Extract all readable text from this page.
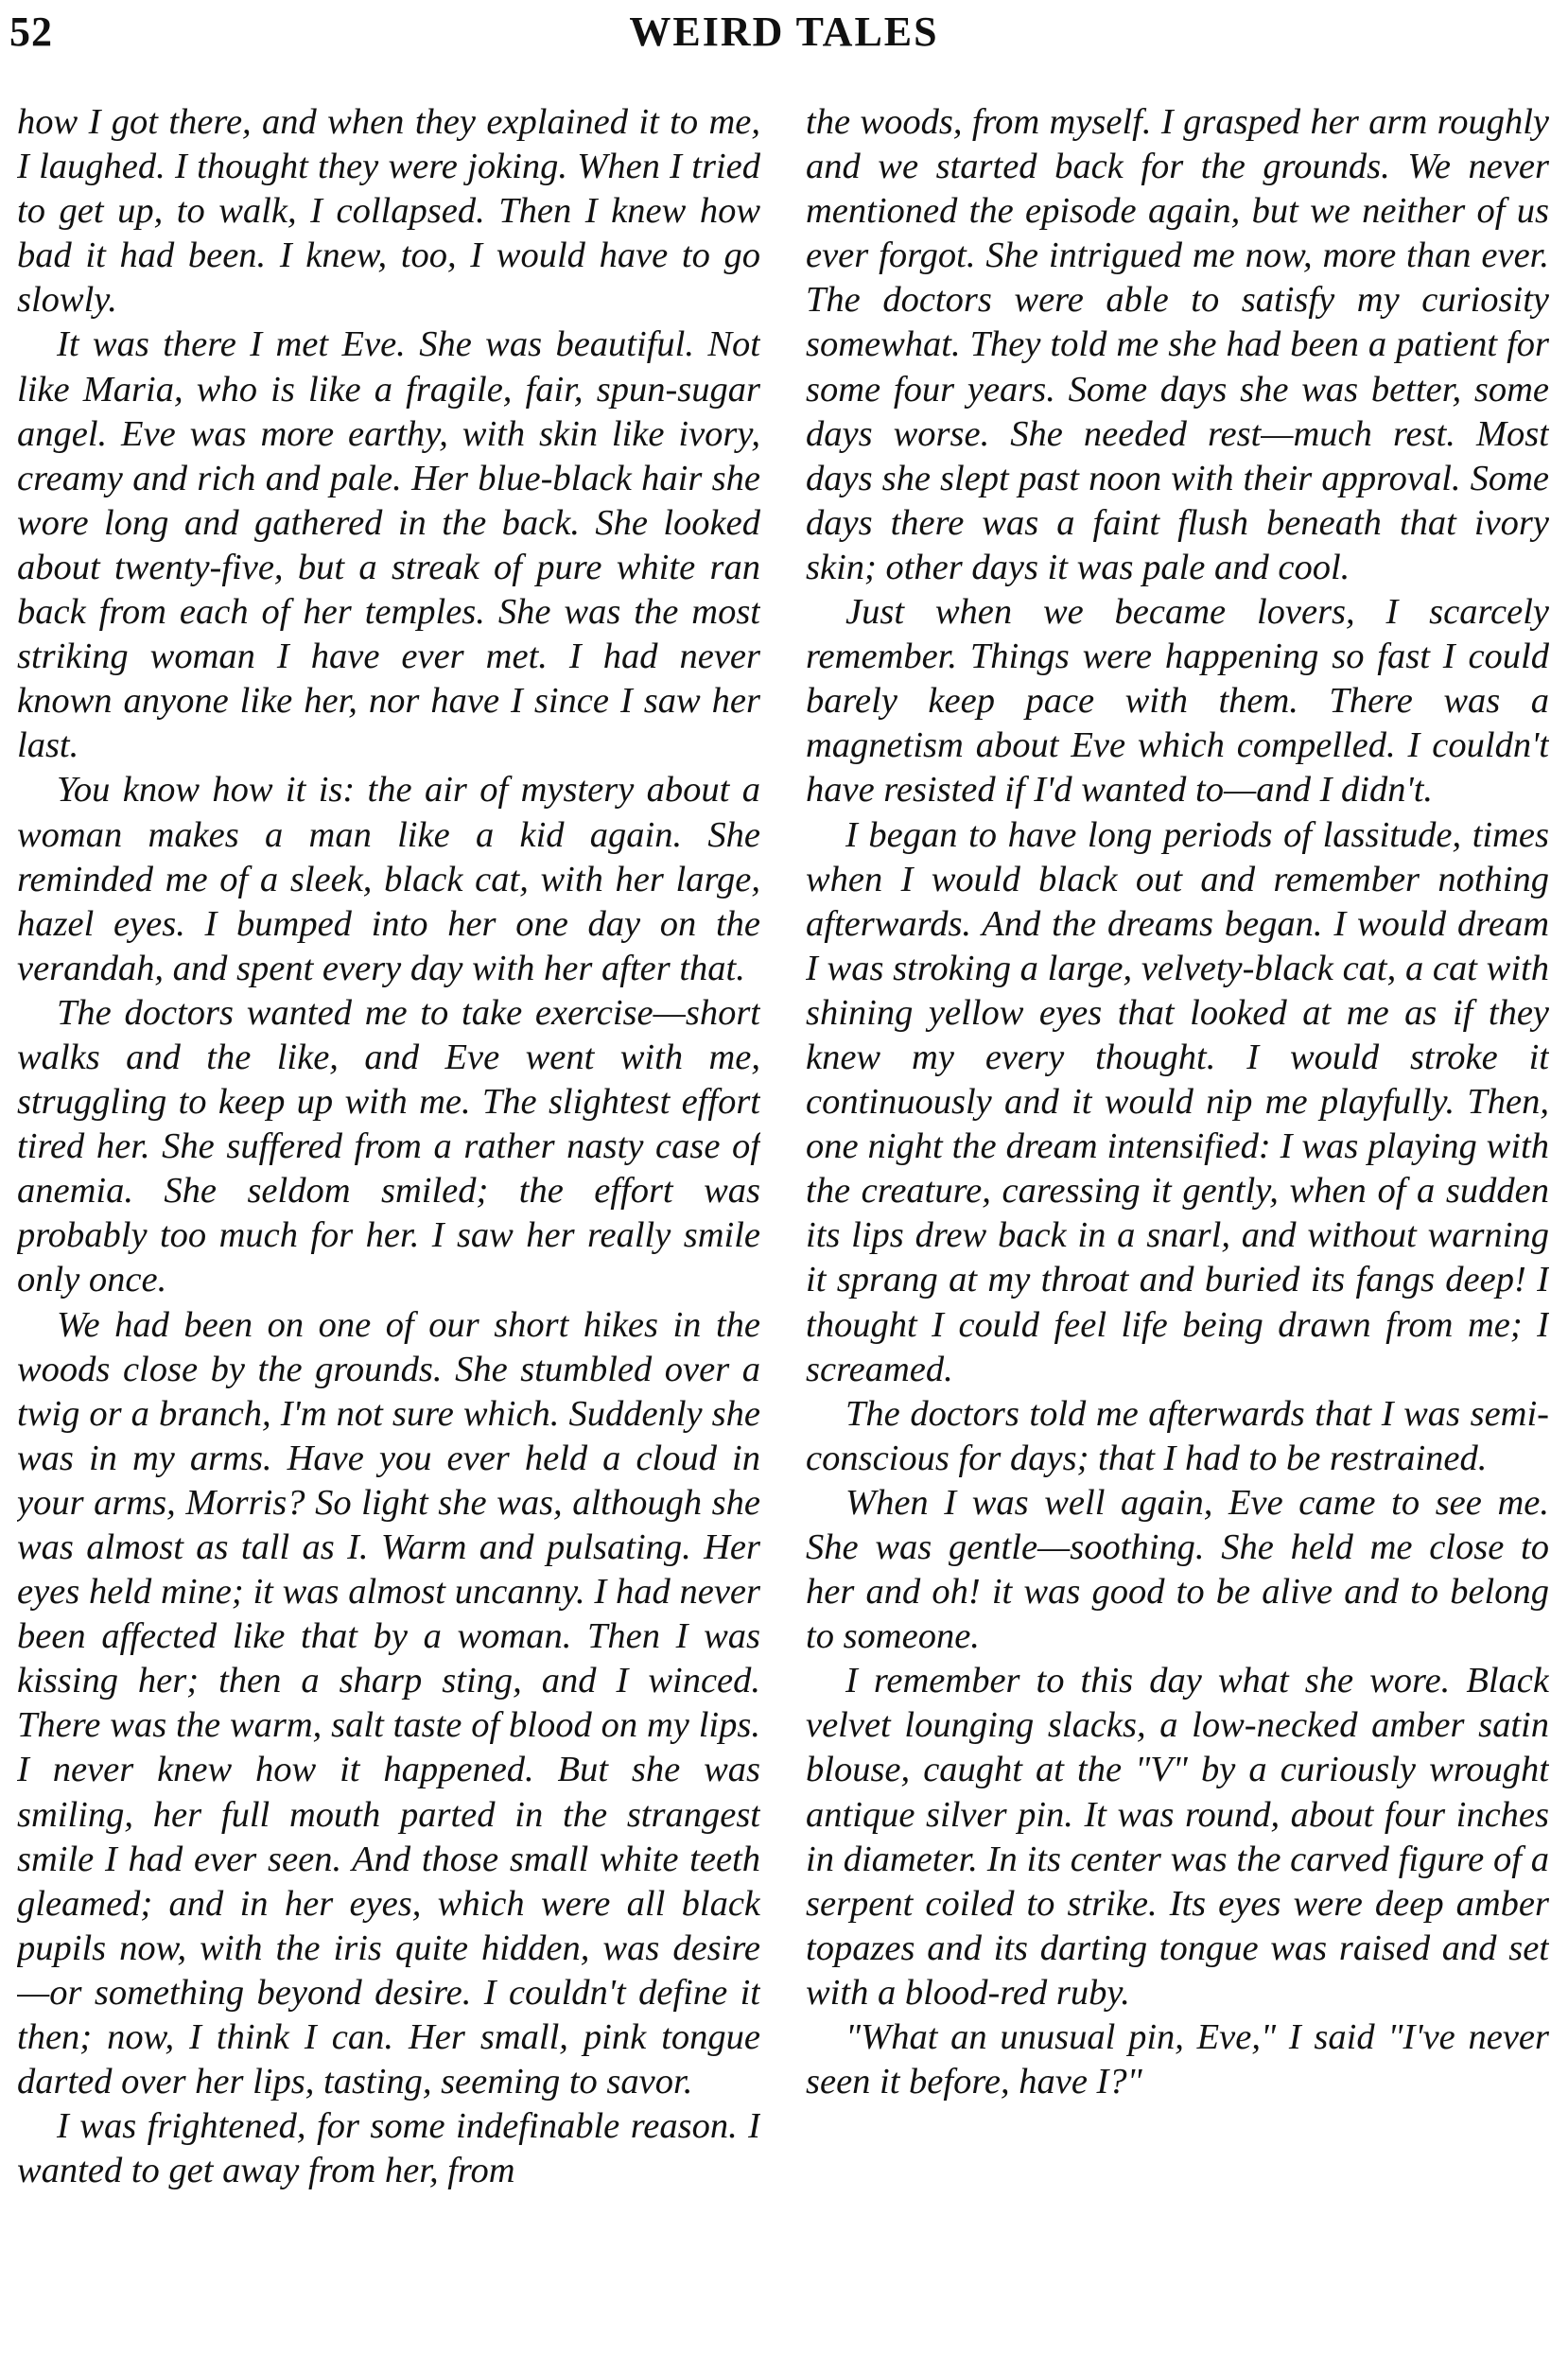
52	WEIRD TALES

how I got there, and when they explained it to me, I laughed. I thought they were joking. When I tried to get up, to walk, I collapsed. Then I knew how bad it had been. I knew, too, I would have to go slowly.

It was there I met Eve. She was beautiful. Not like Maria, who is like a fragile, fair, spun-sugar angel. Eve was more earthy, with skin like ivory, creamy and rich and pale. Her blue-black hair she wore long and gathered in the back. She looked about twenty-five, but a streak of pure white ran back from each of her temples. She was the most striking woman I have ever met. I had never known anyone like her, nor have I since I saw her last.

You know how it is: the air of mystery about a woman makes a man like a kid again. She reminded me of a sleek, black cat, with her large, hazel eyes. I bumped into her one day on the verandah, and spent every day with her after that.

The doctors wanted me to take exercise—short walks and the like, and Eve went with me, struggling to keep up with me. The slightest effort tired her. She suffered from a rather nasty case of anemia. She seldom smiled; the effort was probably too much for her. I saw her really smile only once.

We had been on one of our short hikes in the woods close by the grounds. She stumbled over a twig or a branch, I'm not sure which. Suddenly she was in my arms. Have you ever held a cloud in your arms, Morris? So light she was, although she was almost as tall as I. Warm and pulsating. Her eyes held mine; it was almost uncanny. I had never been affected like that by a woman. Then I was kissing her; then a sharp sting, and I winced. There was the warm, salt taste of blood on my lips. I never knew how it happened. But she was smiling, her full mouth parted in the strangest smile I had ever seen. And those small white teeth gleamed; and in her eyes, which were all black pupils now, with the iris quite hidden, was desire —or something beyond desire. I couldn't define it then; now, I think I can. Her small, pink tongue darted over her lips, tasting, seeming to savor.

I was frightened, for some indefinable reason. I wanted to get away from her, from

the woods, from myself. I grasped her arm roughly and we started back for the grounds. We never mentioned the episode again, but we neither of us ever forgot. She intrigued me now, more than ever. The doctors were able to satisfy my curiosity somewhat. They told me she had been a patient for some four years. Some days she was better, some days worse. She needed rest—much rest. Most days she slept past noon with their approval. Some days there was a faint flush beneath that ivory skin; other days it was pale and cool.

Just when we became lovers, I scarcely remember. Things were happening so fast I could barely keep pace with them. There was a magnetism about Eve which compelled. I couldn't have resisted if I'd wanted to—and I didn't.

I began to have long periods of lassitude, times when I would black out and remember nothing afterwards. And the dreams began. I would dream I was stroking a large, velvety-black cat, a cat with shining yellow eyes that looked at me as if they knew my every thought. I would stroke it continuously and it would nip me playfully. Then, one night the dream intensified: I was playing with the creature, caressing it gently, when of a sudden its lips drew back in a snarl, and without warning it sprang at my throat and buried its fangs deep! I thought I could feel life being drawn from me; I screamed.

The doctors told me afterwards that I was semi-conscious for days; that I had to be restrained.

When I was well again, Eve came to see me. She was gentle—soothing. She held me close to her and oh! it was good to be alive and to belong to someone.

I remember to this day what she wore. Black velvet lounging slacks, a low-necked amber satin blouse, caught at the "V" by a curiously wrought antique silver pin. It was round, about four inches in diameter. In its center was the carved figure of a serpent coiled to strike. Its eyes were deep amber topazes and its darting tongue was raised and set with a blood-red ruby.

"What an unusual pin, Eve," I said "I've never seen it before, have I?"
